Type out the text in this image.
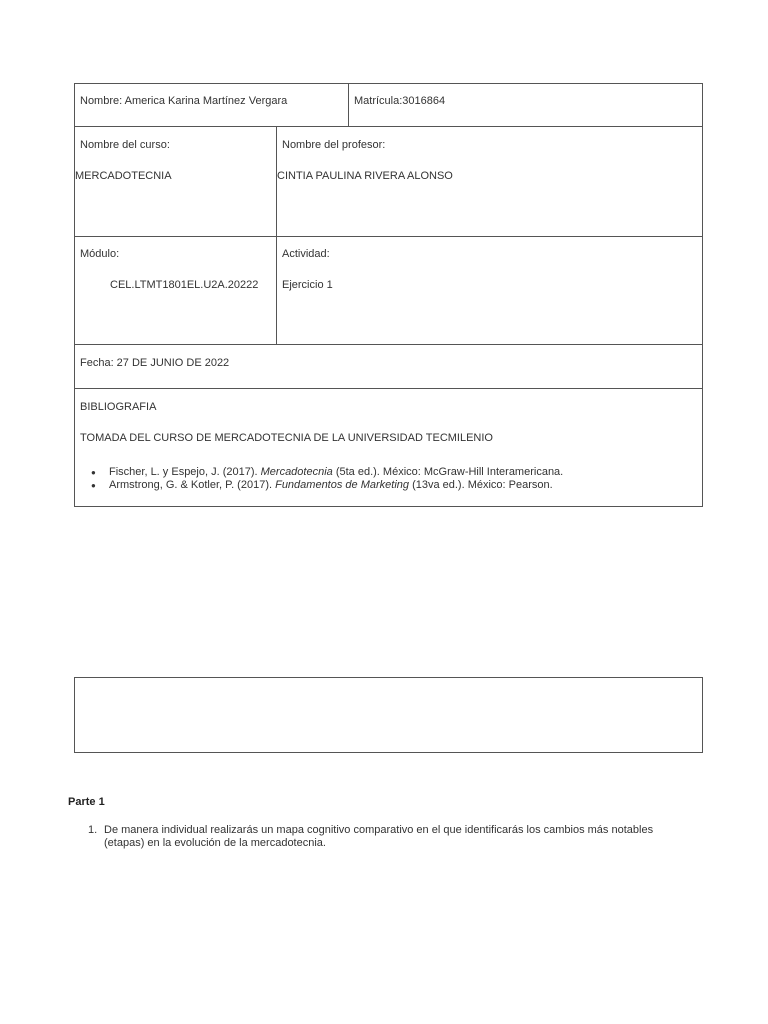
Nombre: America Karina Martínez Vergara	Matrícula:3016864
Nombre del curso:
MERCADOTECNIA
Nombre del profesor:
CINTIA PAULINA RIVERA ALONSO
Módulo:
CEL.LTMT1801EL.U2A.20222
Actividad:
Ejercicio 1
Fecha: 27 DE JUNIO DE 2022
BIBLIOGRAFIA
TOMADA DEL CURSO DE MERCADOTECNIA DE LA UNIVERSIDAD TECMILENIO
● Fischer, L. y Espejo, J. (2017). Mercadotecnia (5ta ed.). México: McGraw-Hill Interamericana.
● Armstrong, G. & Kotler, P. (2017). Fundamentos de Marketing (13va ed.). México: Pearson.
Parte 1
1. De manera individual realizarás un mapa cognitivo comparativo en el que identificarás los cambios más notables
(etapas) en la evolución de la mercadotecnia.
